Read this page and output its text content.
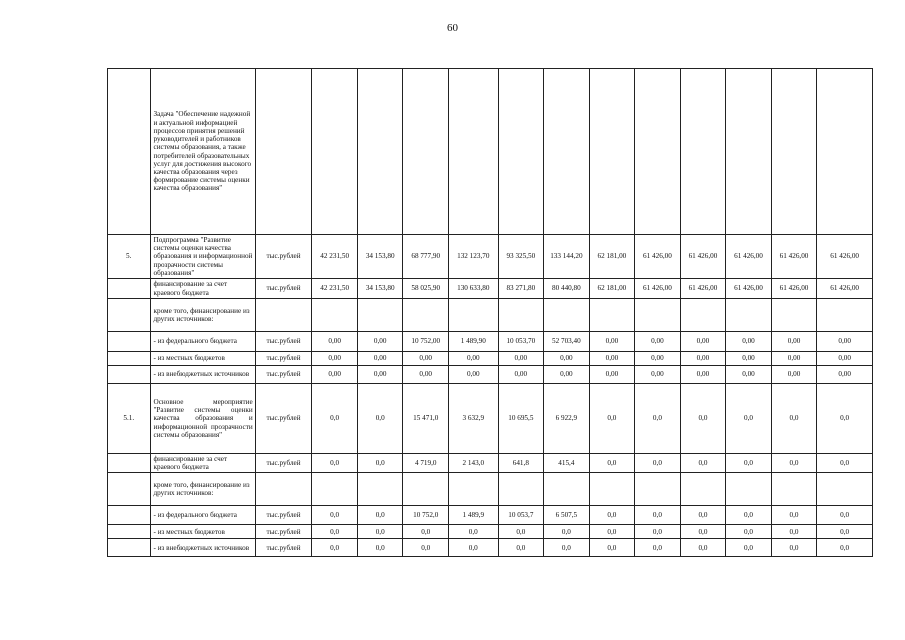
60
	Задача "Обеспечение надежной и актуальной информацией процессов принятия решений руководителей и работников системы образования, а также потребителей образовательных услуг для достижения высокого качества образования через формирование системы оценки качества образования"													
5.	Подпрограмма "Развитие системы оценки качества образования и информационной прозрачности системы образования"	тыс.рублей	42 231,50	34 153,80	68 777,90	132 123,70	93 325,50	133 144,20	62 181,00	61 426,00	61 426,00	61 426,00	61 426,00	61 426,00
	финансирование за счет краевого бюджета	тыс.рублей	42 231,50	34 153,80	58 025,90	130 633,80	83 271,80	80 440,80	62 181,00	61 426,00	61 426,00	61 426,00	61 426,00	61 426,00
	кроме того, финансирование из других источников:													
	- из федерального бюджета	тыс.рублей	0,00	0,00	10 752,00	1 489,90	10 053,70	52 703,40	0,00	0,00	0,00	0,00	0,00	0,00
	- из местных бюджетов	тыс.рублей	0,00	0,00	0,00	0,00	0,00	0,00	0,00	0,00	0,00	0,00	0,00	0,00
	- из внебюджетных источников	тыс.рублей	0,00	0,00	0,00	0,00	0,00	0,00	0,00	0,00	0,00	0,00	0,00	0,00
5.1.	Основное мероприятие "Развитие системы оценки качества образования и информационной прозрачности системы образования"	тыс.рублей	0,0	0,0	15 471,0	3 632,9	10 695,5	6 922,9	0,0	0,0	0,0	0,0	0,0	0,0
	финансирование за счет краевого бюджета	тыс.рублей	0,0	0,0	4 719,0	2 143,0	641,8	415,4	0,0	0,0	0,0	0,0	0,0	0,0
	кроме того, финансирование из других источников:													
	- из федерального бюджета	тыс.рублей	0,0	0,0	10 752,0	1 489,9	10 053,7	6 507,5	0,0	0,0	0,0	0,0	0,0	0,0
	- из местных бюджетов	тыс.рублей	0,0	0,0	0,0	0,0	0,0	0,0	0,0	0,0	0,0	0,0	0,0	0,0
	- из внебюджетных источников	тыс.рублей	0,0	0,0	0,0	0,0	0,0	0,0	0,0	0,0	0,0	0,0	0,0	0,0
